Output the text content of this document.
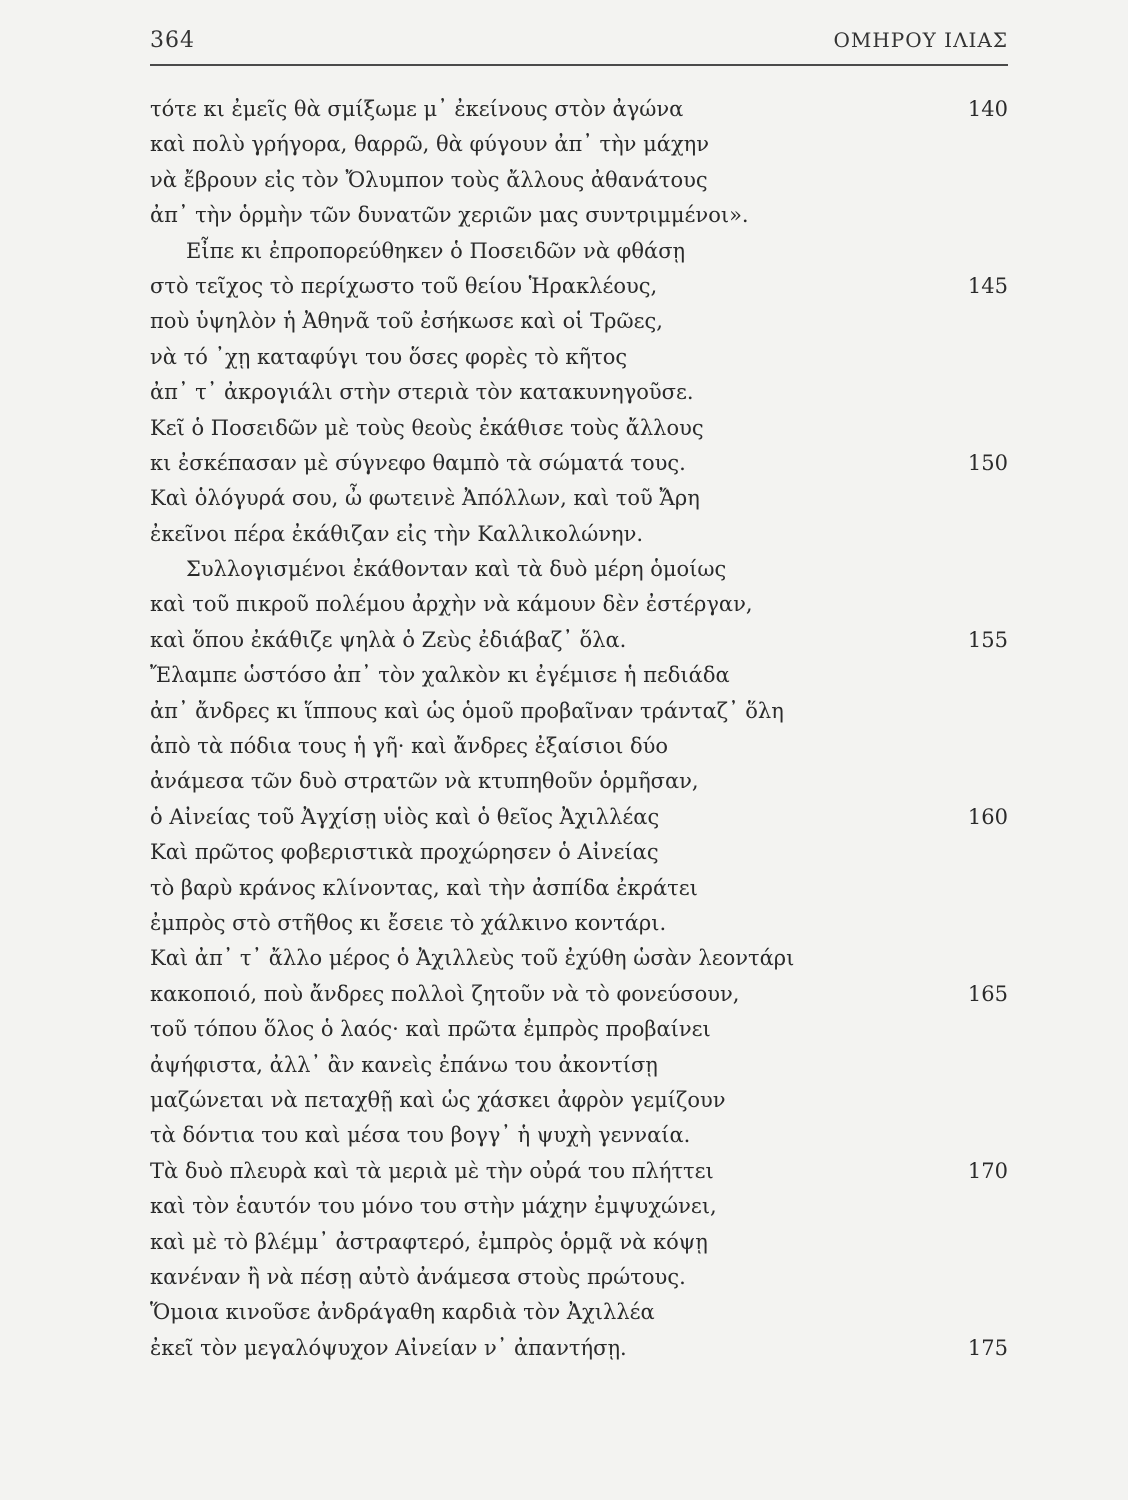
364	ΟΜΗΡΟΥ ΙΛΙΑΣ
τότε κι ἐμεῖς θὰ σμίξωμε μ᾽ ἐκείνους στὸν ἀγώνα	140
καὶ πολὺ γρήγορα, θαρρῶ, θὰ φύγουν ἀπ᾽ τὴν μάχην
νὰ ἔβρουν εἰς τὸν Ὄλυμπον τοὺς ἄλλους ἀθανάτους
ἀπ᾽ τὴν ὁρμὴν τῶν δυνατῶν χεριῶν μας συντριμμένοι».
Εἶπε κι ἐπροπορεύθηκεν ὁ Ποσειδῶν νὰ φθάσῃ
στὸ τεῖχος τὸ περίχωστο τοῦ θείου Ἡρακλέους,	145
ποὺ ὑψηλὸν ἡ Ἀθηνᾶ τοῦ ἐσήκωσε καὶ οἱ Τρῶες,
νὰ τό ᾽χῃ καταφύγι του ὅσες φορὲς τὸ κῆτος
ἀπ᾽ τ᾽ ἀκρογιάλι στὴν στεριὰ τὸν κατακυνηγοῦσε.
Κεῖ ὁ Ποσειδῶν μὲ τοὺς θεοὺς ἐκάθισε τοὺς ἄλλους
κι ἐσκέπασαν μὲ σύγνεφο θαμπὸ τὰ σώματά τους.	150
Καὶ ὁλόγυρά σου, ὦ φωτεινὲ Ἀπόλλων, καὶ τοῦ Ἄρη
ἐκεῖνοι πέρα ἐκάθιζαν εἰς τὴν Καλλικολώνην.
Συλλογισμένοι ἐκάθονταν καὶ τὰ δυὸ μέρη ὁμοίως
καὶ τοῦ πικροῦ πολέμου ἀρχὴν νὰ κάμουν δὲν ἐστέργαν,
καὶ ὅπου ἐκάθιζε ψηλὰ ὁ Ζεὺς ἐδιάβαζ᾽ ὅλα.	155
Ἔλαμπε ὡστόσο ἀπ᾽ τὸν χαλκὸν κι ἐγέμισε ἡ πεδιάδα
ἀπ᾽ ἄνδρες κι ἵππους καὶ ὡς ὁμοῦ προβαῖναν τράνταζ᾽ ὅλη
ἀπὸ τὰ πόδια τους ἡ γῆ· καὶ ἄνδρες ἐξαίσιοι δύο
ἀνάμεσα τῶν δυὸ στρατῶν νὰ κτυπηθοῦν ὁρμῆσαν,
ὁ Αἰνείας τοῦ Ἀγχίσῃ υἱὸς καὶ ὁ θεῖος Ἀχιλλέας	160
Καὶ πρῶτος φοβεριστικὰ προχώρησεν ὁ Αἰνείας
τὸ βαρὺ κράνος κλίνοντας, καὶ τὴν ἀσπίδα ἐκράτει
ἐμπρὸς στὸ στῆθος κι ἔσειε τὸ χάλκινο κοντάρι.
Καὶ ἀπ᾽ τ᾽ ἄλλο μέρος ὁ Ἀχιλλεὺς τοῦ ἐχύθη ὡσὰν λεοντάρι
κακοποιό, ποὺ ἄνδρες πολλοὶ ζητοῦν νὰ τὸ φονεύσουν,	165
τοῦ τόπου ὅλος ὁ λαός· καὶ πρῶτα ἐμπρὸς προβαίνει
ἀψήφιστα, ἀλλ᾽ ἂν κανεὶς ἐπάνω του ἀκοντίσῃ
μαζώνεται νὰ πεταχθῇ καὶ ὡς χάσκει ἀφρὸν γεμίζουν
τὰ δόντια του καὶ μέσα του βογγ᾽ ἡ ψυχὴ γενναία.
Τὰ δυὸ πλευρὰ καὶ τὰ μεριὰ μὲ τὴν οὐρά του πλήττει	170
καὶ τὸν ἑαυτόν του μόνο του στὴν μάχην ἐμψυχώνει,
καὶ μὲ τὸ βλέμμ᾽ ἀστραφτερό, ἐμπρὸς ὁρμᾷ νὰ κόψῃ
κανέναν ἢ νὰ πέσῃ αὐτὸ ἀνάμεσα στοὺς πρώτους.
Ὅμοια κινοῦσε ἀνδράγαθη καρδιὰ τὸν Ἀχιλλέα
ἐκεῖ τὸν μεγαλόψυχον Αἰνείαν ν᾽ ἀπαντήσῃ.	175
